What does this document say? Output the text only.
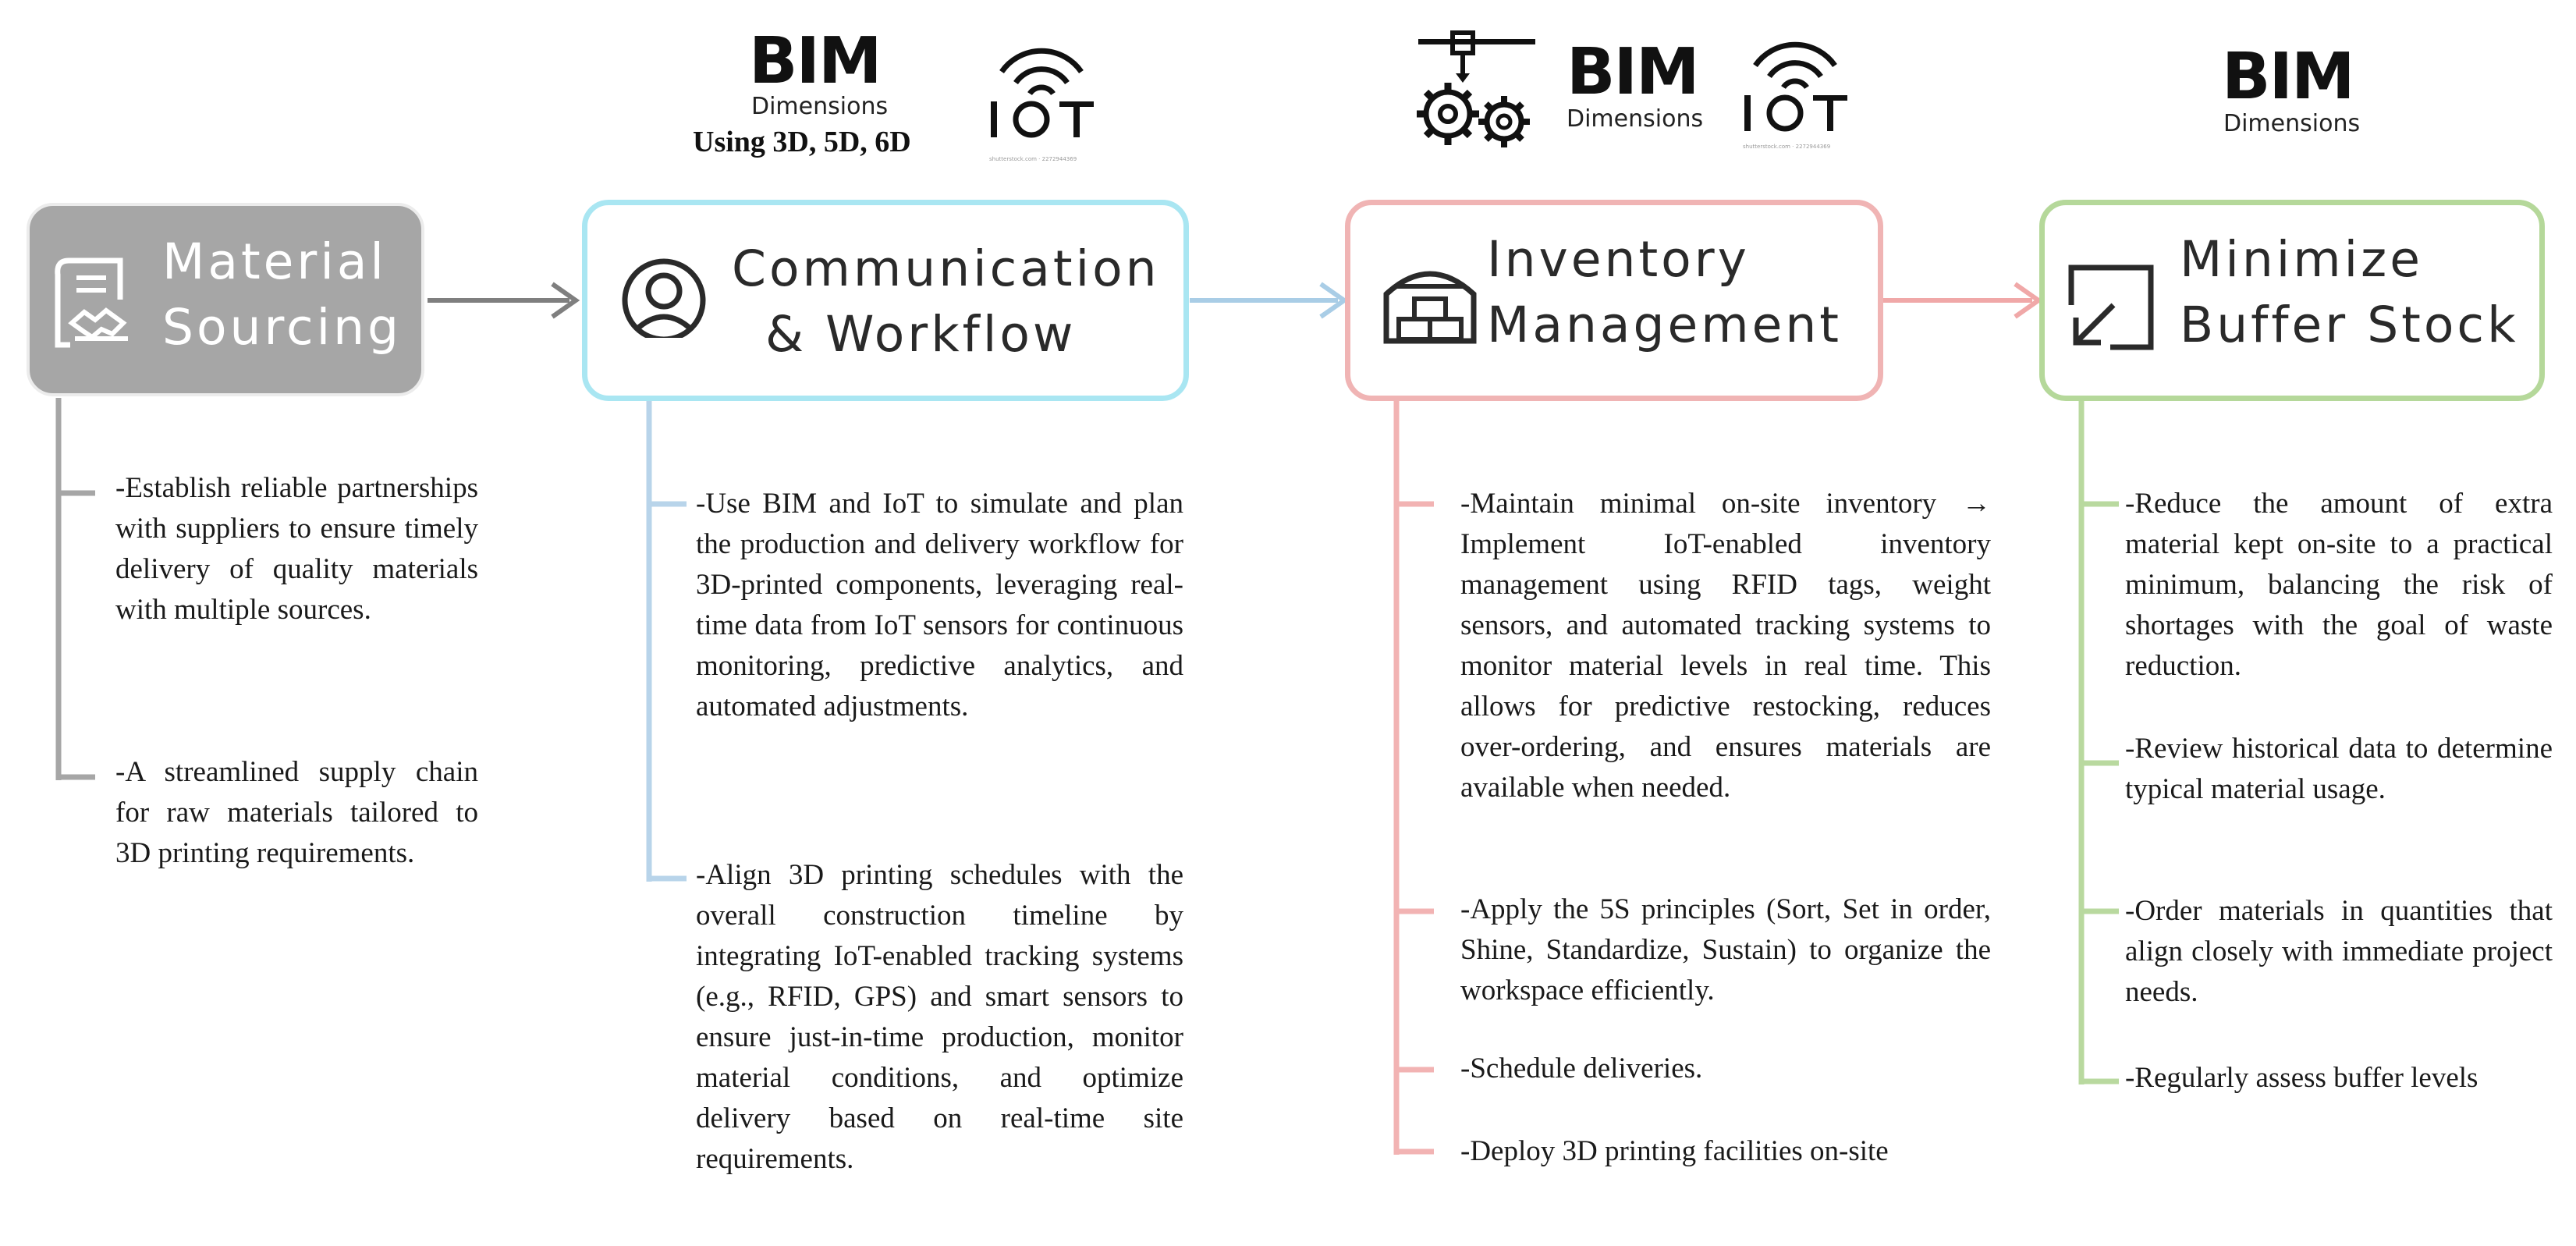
BIM
Dimensions
Using 3D, 5D, 6D
shutterstock.com · 2272944369
BIM
Dimensions
shutterstock.com · 2272944369
BIM
Dimensions
Material
Sourcing
-Establish reliable partnerships with suppliers to ensure timely delivery of quality materials with multiple sources.
-A streamlined supply chain for raw materials tailored to 3D printing requirements.
Communication
& Workflow
-Use BIM and IoT to simulate and plan the production and delivery workflow for 3D-printed components, leveraging real-time data from IoT sensors for continuous monitoring, predictive analytics, and automated adjustments.
-Align 3D printing schedules with the overall construction timeline by integrating IoT-enabled tracking systems (e.g., RFID, GPS) and smart sensors to ensure just-in-time production, monitor material conditions, and optimize delivery based on real-time site requirements.
Inventory
Management
-Maintain minimal on-site inventory → Implement IoT-enabled inventory management using RFID tags, weight sensors, and automated tracking systems to monitor material levels in real time. This allows for predictive restocking, reduces over-ordering, and ensures materials are available when needed.
-Apply the 5S principles (Sort, Set in order, Shine, Standardize, Sustain) to organize the workspace efficiently.
-Schedule deliveries.
-Deploy 3D printing facilities on-site
Minimize
Buffer Stock
-Reduce the amount of extra material kept on-site to a practical minimum, balancing the risk of shortages with the goal of waste reduction.
-Review historical data to determine typical material usage.
-Order materials in quantities that align closely with immediate project needs.
-Regularly assess buffer levels
